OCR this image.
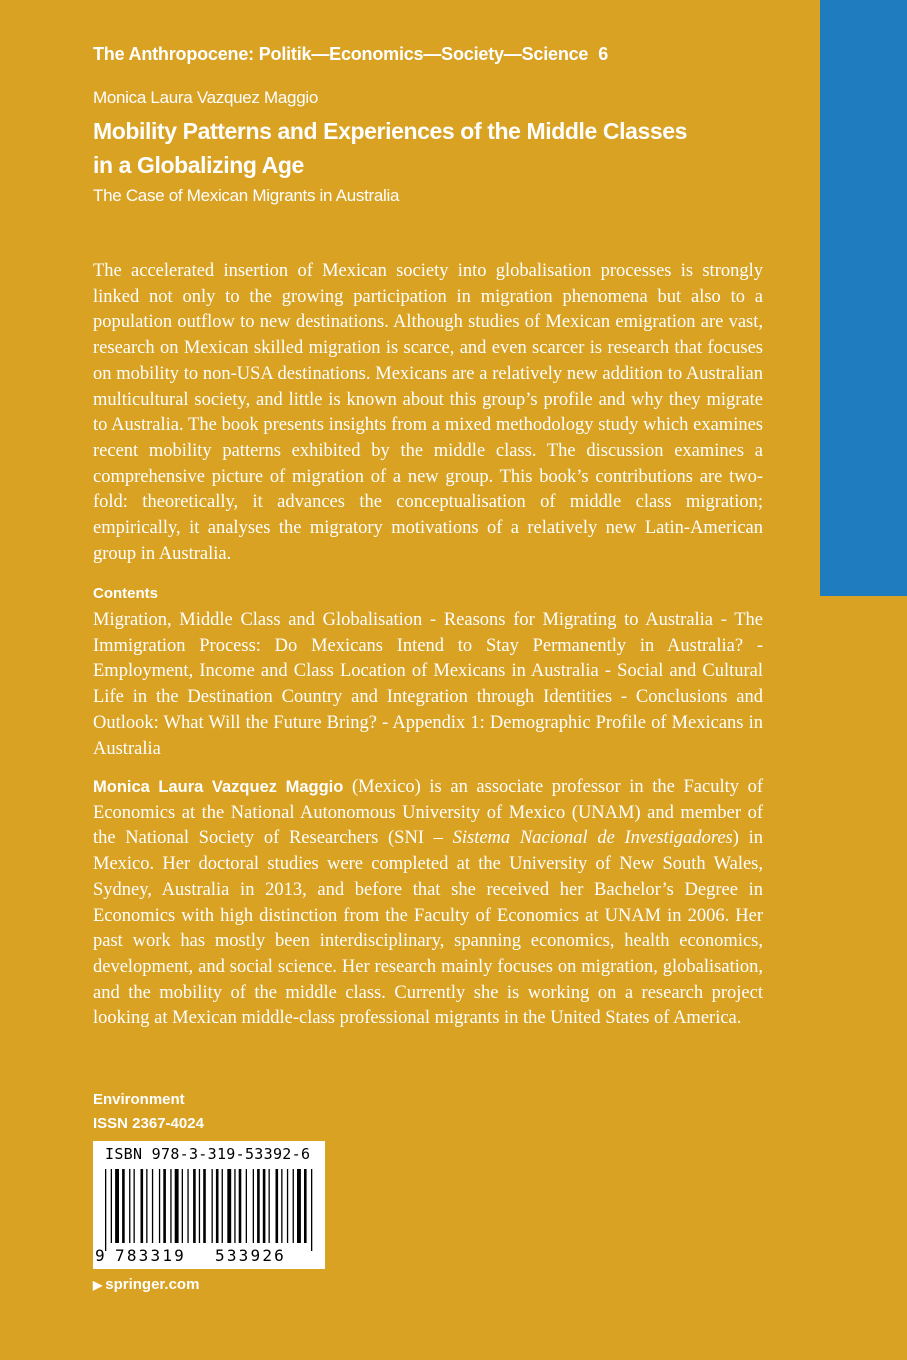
The Anthropocene: Politik—Economics—Society—Science 6
Monica Laura Vazquez Maggio
Mobility Patterns and Experiences of the Middle Classes
in a Globalizing Age
The Case of Mexican Migrants in Australia
The accelerated insertion of Mexican society into globalisation processes is strongly linked not only to the growing participation in migration phenomena but also to a population outflow to new destinations. Although studies of Mexican emigration are vast, research on Mexican skilled migration is scarce, and even scarcer is research that focuses on mobility to non-USA destinations. Mexicans are a relatively new addition to Australian multicultural society, and little is known about this group’s profile and why they migrate to Australia. The book presents insights from a mixed methodology study which examines recent mobility patterns exhibited by the middle class. The discussion examines a comprehensive picture of migration of a new group. This book’s contributions are two-fold: theoretically, it advances the conceptualisation of middle class migration; empirically, it analyses the migratory motivations of a relatively new Latin-American group in Australia.
Contents
Migration, Middle Class and Globalisation - Reasons for Migrating to Australia - The Immigration Process: Do Mexicans Intend to Stay Permanently in Australia? - Employment, Income and Class Location of Mexicans in Australia - Social and Cultural Life in the Destination Country and Integration through Identities - Conclusions and Outlook: What Will the Future Bring? - Appendix 1: Demographic Profile of Mexicans in Australia
Monica Laura Vazquez Maggio (Mexico) is an associate professor in the Faculty of Economics at the National Autonomous University of Mexico (UNAM) and member of the National Society of Researchers (SNI – Sistema Nacional de Investigadores) in Mexico. Her doctoral studies were completed at the University of New South Wales, Sydney, Australia in 2013, and before that she received her Bachelor’s Degree in Economics with high distinction from the Faculty of Economics at UNAM in 2006. Her past work has mostly been interdisciplinary, spanning economics, health economics, development, and social science. Her research mainly focuses on migration, globalisation, and the mobility of the middle class. Currently she is working on a research project looking at Mexican middle-class professional migrants in the United States of America.
Environment
ISSN 2367-4024
ISBN 978-3-319-53392-6
9 783319 533926
▶ springer.com
